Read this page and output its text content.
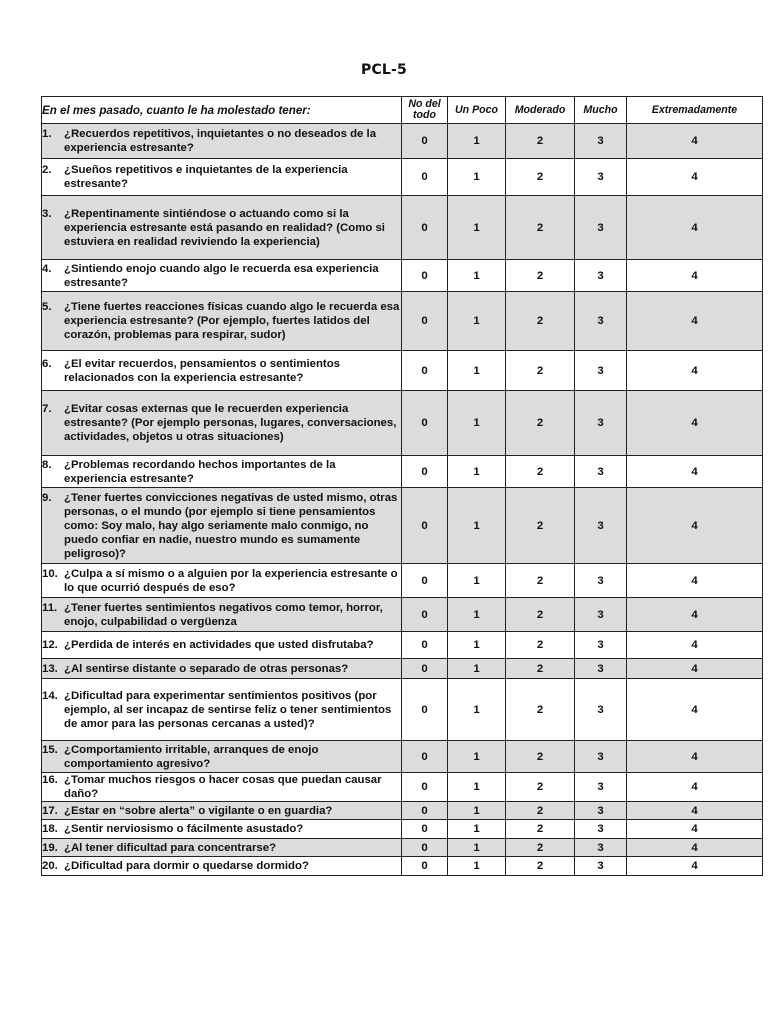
PCL-5
En el mes pasado, cuanto le ha molestado tener:	No del todo	Un Poco	Moderado	Mucho	Extremadamente

1. ¿Recuerdos repetitivos, inquietantes o no deseados de la experiencia estresante?	0	1	2	3	4

2. ¿Sueños repetitivos e inquietantes de la experiencia estresante?	0	1	2	3	4

3. ¿Repentinamente sintiéndose o actuando como si la experiencia estresante está pasando en realidad? (Como si estuviera en realidad reviviendo la experiencia)	0	1	2	3	4

4. ¿Sintiendo enojo cuando algo le recuerda esa experiencia estresante?	0	1	2	3	4

5. ¿Tiene fuertes reacciones físicas cuando algo le recuerda esa experiencia estresante? (Por ejemplo, fuertes latidos del corazón, problemas para respirar, sudor)	0	1	2	3	4

6. ¿El evitar recuerdos, pensamientos o sentimientos relacionados con la experiencia estresante?	0	1	2	3	4

7. ¿Evitar cosas externas que le recuerden experiencia estresante? (Por ejemplo personas, lugares, conversaciones, actividades, objetos u otras situaciones)	0	1	2	3	4

8. ¿Problemas recordando hechos importantes de la experiencia estresante?	0	1	2	3	4

9. ¿Tener fuertes convicciones negativas de usted mismo, otras personas, o el mundo (por ejemplo si tiene pensamientos como: Soy malo, hay algo seriamente malo conmigo, no puedo confiar en nadie, nuestro mundo es sumamente peligroso)?	0	1	2	3	4

10. ¿Culpa a sí mismo o a alguien por la experiencia estresante o lo que ocurrió después de eso?	0	1	2	3	4

11. ¿Tener fuertes sentimientos negativos como temor, horror, enojo, culpabilidad o vergüenza	0	1	2	3	4

12. ¿Perdida de interés en actividades que usted disfrutaba?	0	1	2	3	4

13. ¿Al sentirse distante o separado de otras personas?	0	1	2	3	4

14. ¿Dificultad para experimentar sentimientos positivos (por ejemplo, al ser incapaz de sentirse feliz o tener sentimientos de amor para las personas cercanas a usted)?	0	1	2	3	4

15. ¿Comportamiento irritable, arranques de enojo comportamiento agresivo?	0	1	2	3	4

16. ¿Tomar muchos riesgos o hacer cosas que puedan causar daño?	0	1	2	3	4

17. ¿Estar en “sobre alerta” o vigilante o en guardia?	0	1	2	3	4

18. ¿Sentir nerviosismo o fácilmente asustado?	0	1	2	3	4

19. ¿Al tener dificultad para concentrarse?	0	1	2	3	4

20. ¿Dificultad para dormir o quedarse dormido?	0	1	2	3	4
